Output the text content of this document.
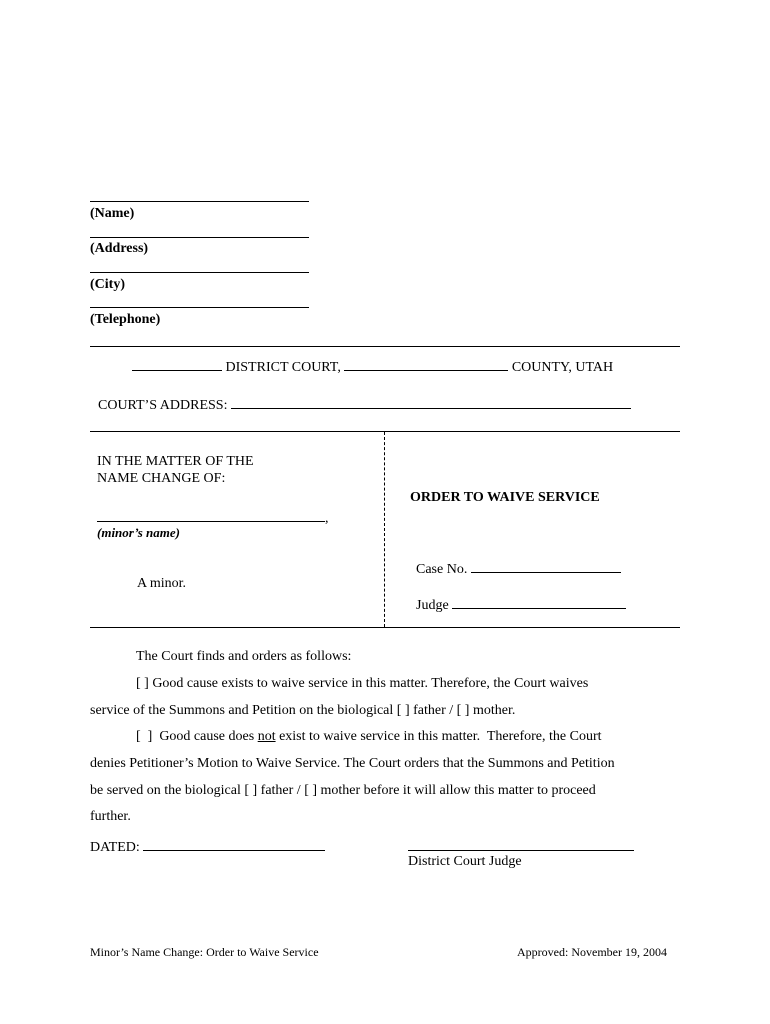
(Name)
(Address)
(City)
(Telephone)
DISTRICT COURT,	COUNTY, UTAH
COURT’S ADDRESS:
IN THE MATTER OF THE
NAME CHANGE OF:
,
(minor’s name)
A minor.
ORDER TO WAIVE SERVICE
Case No.
Judge
The Court finds and orders as follows:
[ ] Good cause exists to waive service in this matter. Therefore, the Court waives
service of the Summons and Petition on the biological [ ] father / [ ] mother.
[  ]  Good cause does not exist to waive service in this matter.  Therefore, the Court
denies Petitioner’s Motion to Waive Service. The Court orders that the Summons and Petition
be served on the biological [ ] father / [ ] mother before it will allow this matter to proceed
further.
DATED:
District Court Judge
Minor’s Name Change: Order to Waive Service	Approved: November 19, 2004
